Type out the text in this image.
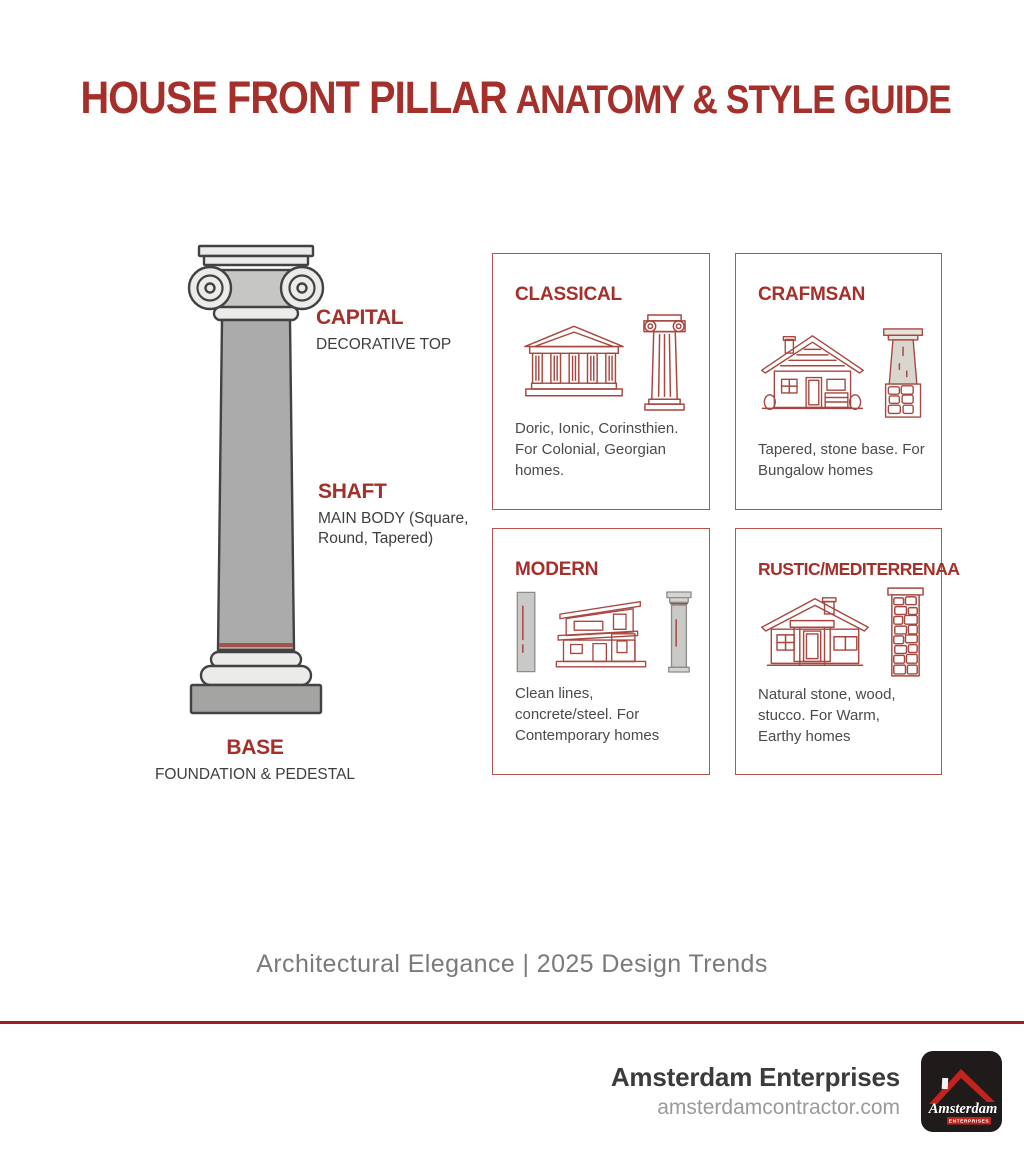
HOUSE FRONT PILLAR ANATOMY & STYLE GUIDE
CAPITAL
DECORATIVE TOP
SHAFT
MAIN BODY (Square, Round, Tapered)
BASE
FOUNDATION & PEDESTAL
CLASSICAL
Doric, Ionic, Corinsthien. For Colonial, Georgian homes.
CRAFMSAN
Tapered, stone base. For Bungalow homes
MODERN
Clean lines, concrete/steel. For Contemporary homes
RUSTIC/MEDITERRENAA
Natural stone, wood, stucco. For Warm, Earthy homes
Architectural Elegance | 2025 Design Trends
Amsterdam Enterprises
amsterdamcontractor.com Amsterdam
ENTERPRISES
